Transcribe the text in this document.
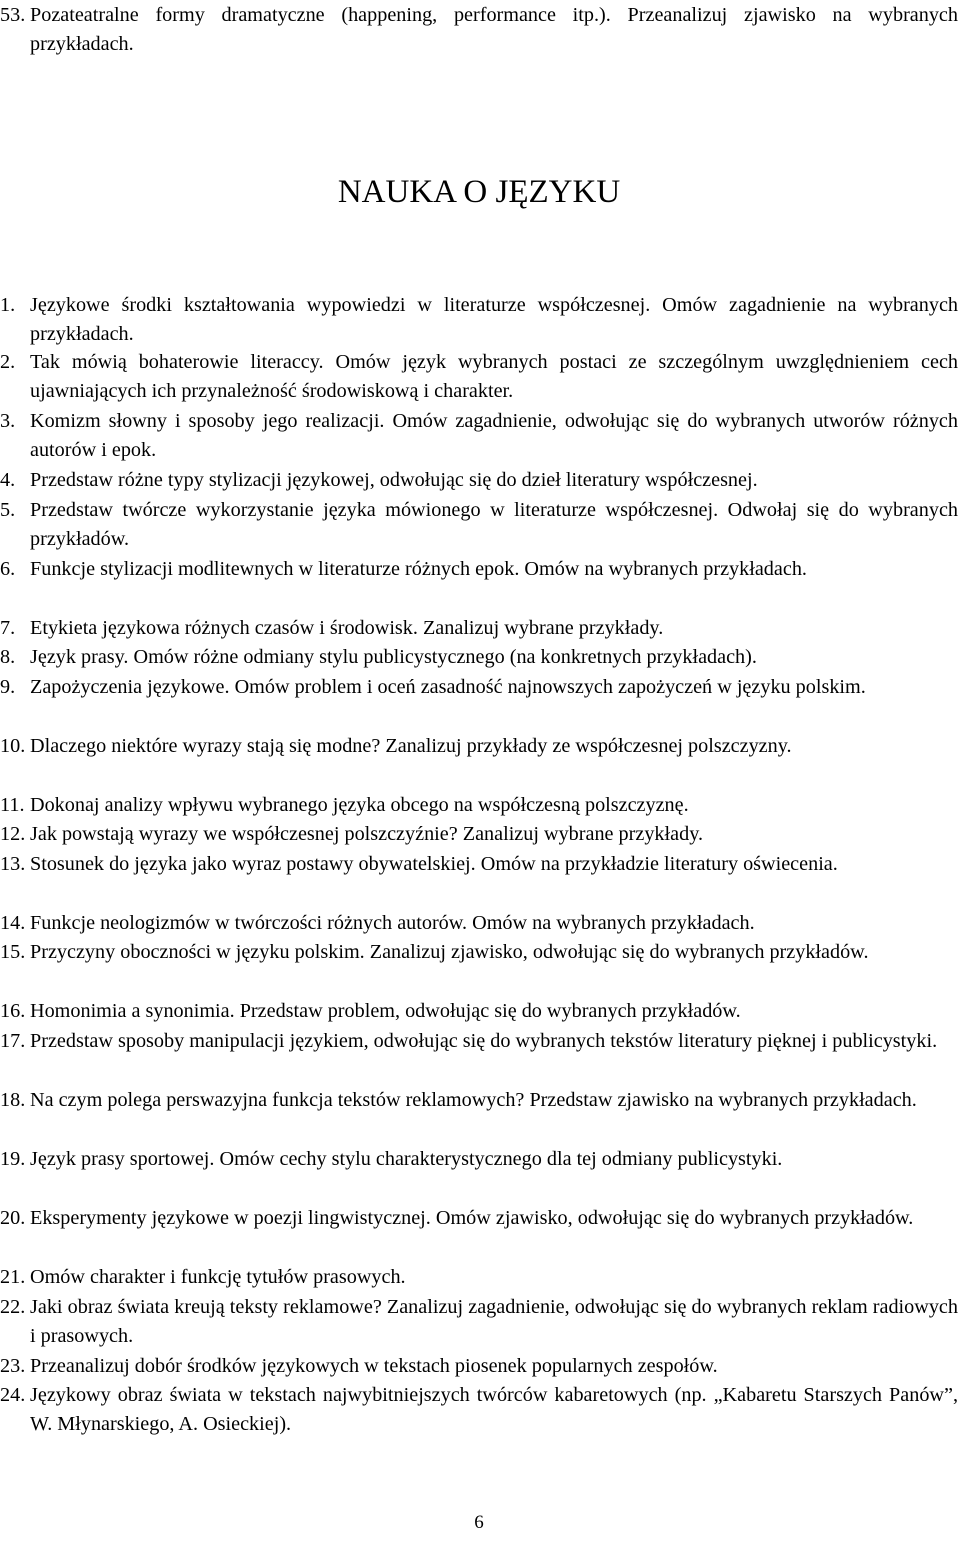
53. Pozateatralne formy dramatyczne (happening, performance itp.). Przeanalizuj zjawisko na wybranych przykładach.
NAUKA O JĘZYKU
1. Językowe środki kształtowania wypowiedzi w literaturze współczesnej. Omów zagadnienie na wybranych przykładach.
2. Tak mówią bohaterowie literaccy. Omów język wybranych postaci ze szczególnym uwzględnieniem cech ujawniających ich przynależność środowiskową i charakter.
3. Komizm słowny i sposoby jego realizacji. Omów zagadnienie, odwołując się do wybranych utworów różnych autorów i epok.
4. Przedstaw różne typy stylizacji językowej, odwołując się do dzieł literatury współczesnej.
5. Przedstaw twórcze wykorzystanie języka mówionego w literaturze współczesnej. Odwołaj się do wybranych przykładów.
6. Funkcje stylizacji modlitewnych w literaturze różnych epok. Omów na wybranych przykładach.
7. Etykieta językowa różnych czasów i środowisk. Zanalizuj wybrane przykłady.
8. Język prasy. Omów różne odmiany stylu publicystycznego (na konkretnych przykładach).
9. Zapożyczenia językowe. Omów problem i oceń zasadność najnowszych zapożyczeń w języku polskim.
10. Dlaczego niektóre wyrazy stają się modne? Zanalizuj przykłady ze współczesnej polszczyzny.
11. Dokonaj analizy wpływu wybranego języka obcego na współczesną polszczyznę.
12. Jak powstają wyrazy we współczesnej polszczyźnie? Zanalizuj wybrane przykłady.
13. Stosunek do języka jako wyraz postawy obywatelskiej. Omów na przykładzie literatury oświecenia.
14. Funkcje neologizmów w twórczości różnych autorów. Omów na wybranych przykładach.
15. Przyczyny oboczności w języku polskim. Zanalizuj zjawisko, odwołując się do wybranych przykładów.
16. Homonimia a synonimia. Przedstaw problem, odwołując się do wybranych przykładów.
17. Przedstaw sposoby manipulacji językiem, odwołując się do wybranych tekstów literatury pięknej i publicystyki.
18. Na czym polega perswazyjna funkcja tekstów reklamowych? Przedstaw zjawisko na wybranych przykładach.
19. Język prasy sportowej. Omów cechy stylu charakterystycznego dla tej odmiany publicystyki.
20. Eksperymenty językowe w poezji lingwistycznej. Omów zjawisko, odwołując się do wybranych przykładów.
21. Omów charakter i funkcję tytułów prasowych.
22. Jaki obraz świata kreują teksty reklamowe? Zanalizuj zagadnienie, odwołując się do wybranych reklam radiowych i prasowych.
23. Przeanalizuj dobór środków językowych w tekstach piosenek popularnych zespołów.
24. Językowy obraz świata w tekstach najwybitniejszych twórców kabaretowych (np. „Kabaretu Starszych Panów”, W. Młynarskiego, A. Osieckiej).
6
